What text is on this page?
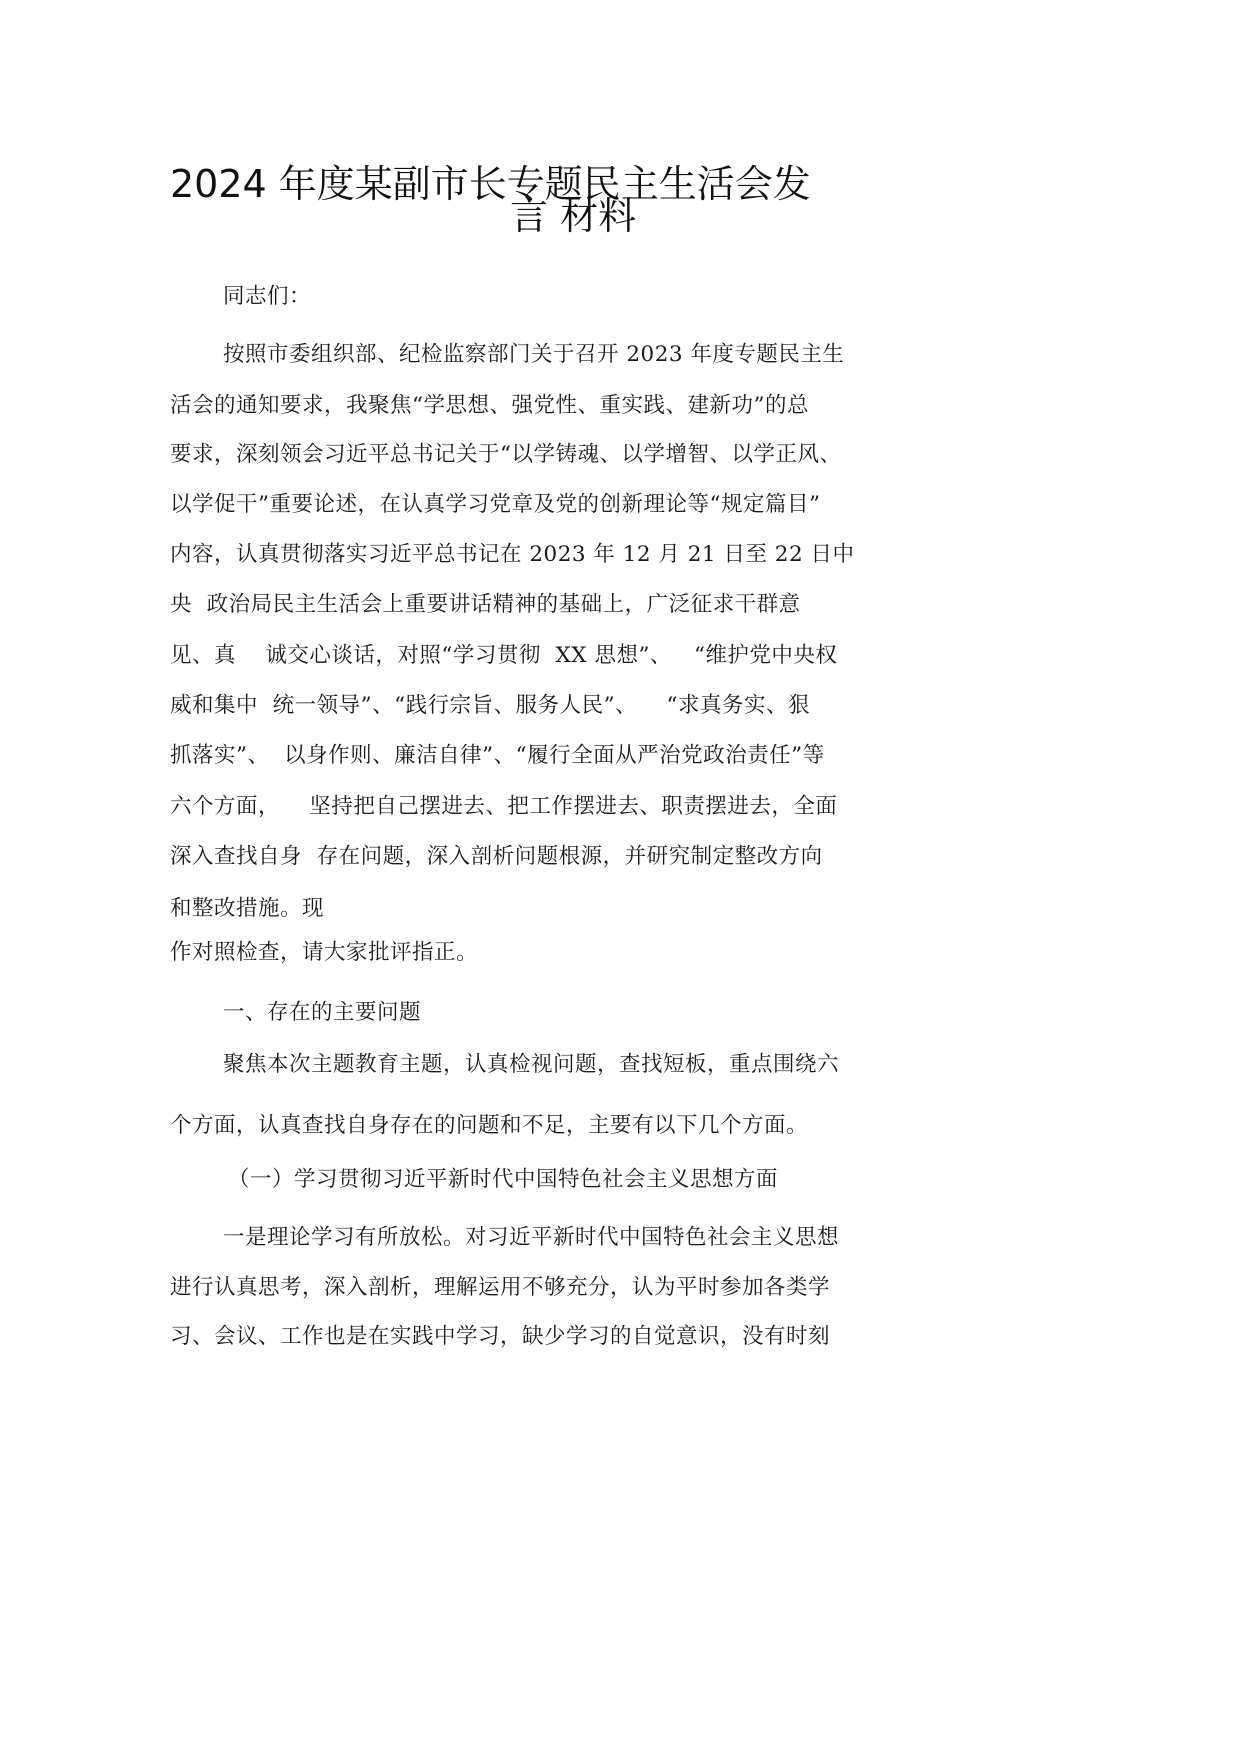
2024 年度某副市长专题民主生活会发
言 材料
同志们：
按照市委组织部、纪检监察部门关于召开 2023 年度专题民主生
活会的通知要求，我聚焦“学思想、强党性、重实践、建新功”的总
要求，深刻领会习近平总书记关于“以学铸魂、以学增智、以学正风、
以学促干”重要论述，在认真学习党章及党的创新理论等“规定篇目”
内容，认真贯彻落实习近平总书记在 2023 年 12 月 21 日至 22 日中
央  政治局民主生活会上重要讲话精神的基础上，广泛征求干群意
见、真    诚交心谈话，对照“学习贯彻  XX 思想”、   “维护党中央权
威和集中  统一领导”、“践行宗旨、服务人民”、    “求真务实、狠
抓落实”、  以身作则、廉洁自律”、“履行全面从严治党政治责任”等
六个方面，    坚持把自己摆进去、把工作摆进去、职责摆进去，全面
深入查找自身  存在问题，深入剖析问题根源，并研究制定整改方向
和整改措施。现
作对照检查，请大家批评指正。
一、存在的主要问题
聚焦本次主题教育主题，认真检视问题，查找短板，重点围绕六
个方面，认真查找自身存在的问题和不足，主要有以下几个方面。
（一）学习贯彻习近平新时代中国特色社会主义思想方面
一是理论学习有所放松。对习近平新时代中国特色社会主义思想
进行认真思考，深入剖析，理解运用不够充分，认为平时参加各类学
习、会议、工作也是在实践中学习，缺少学习的自觉意识，没有时刻
